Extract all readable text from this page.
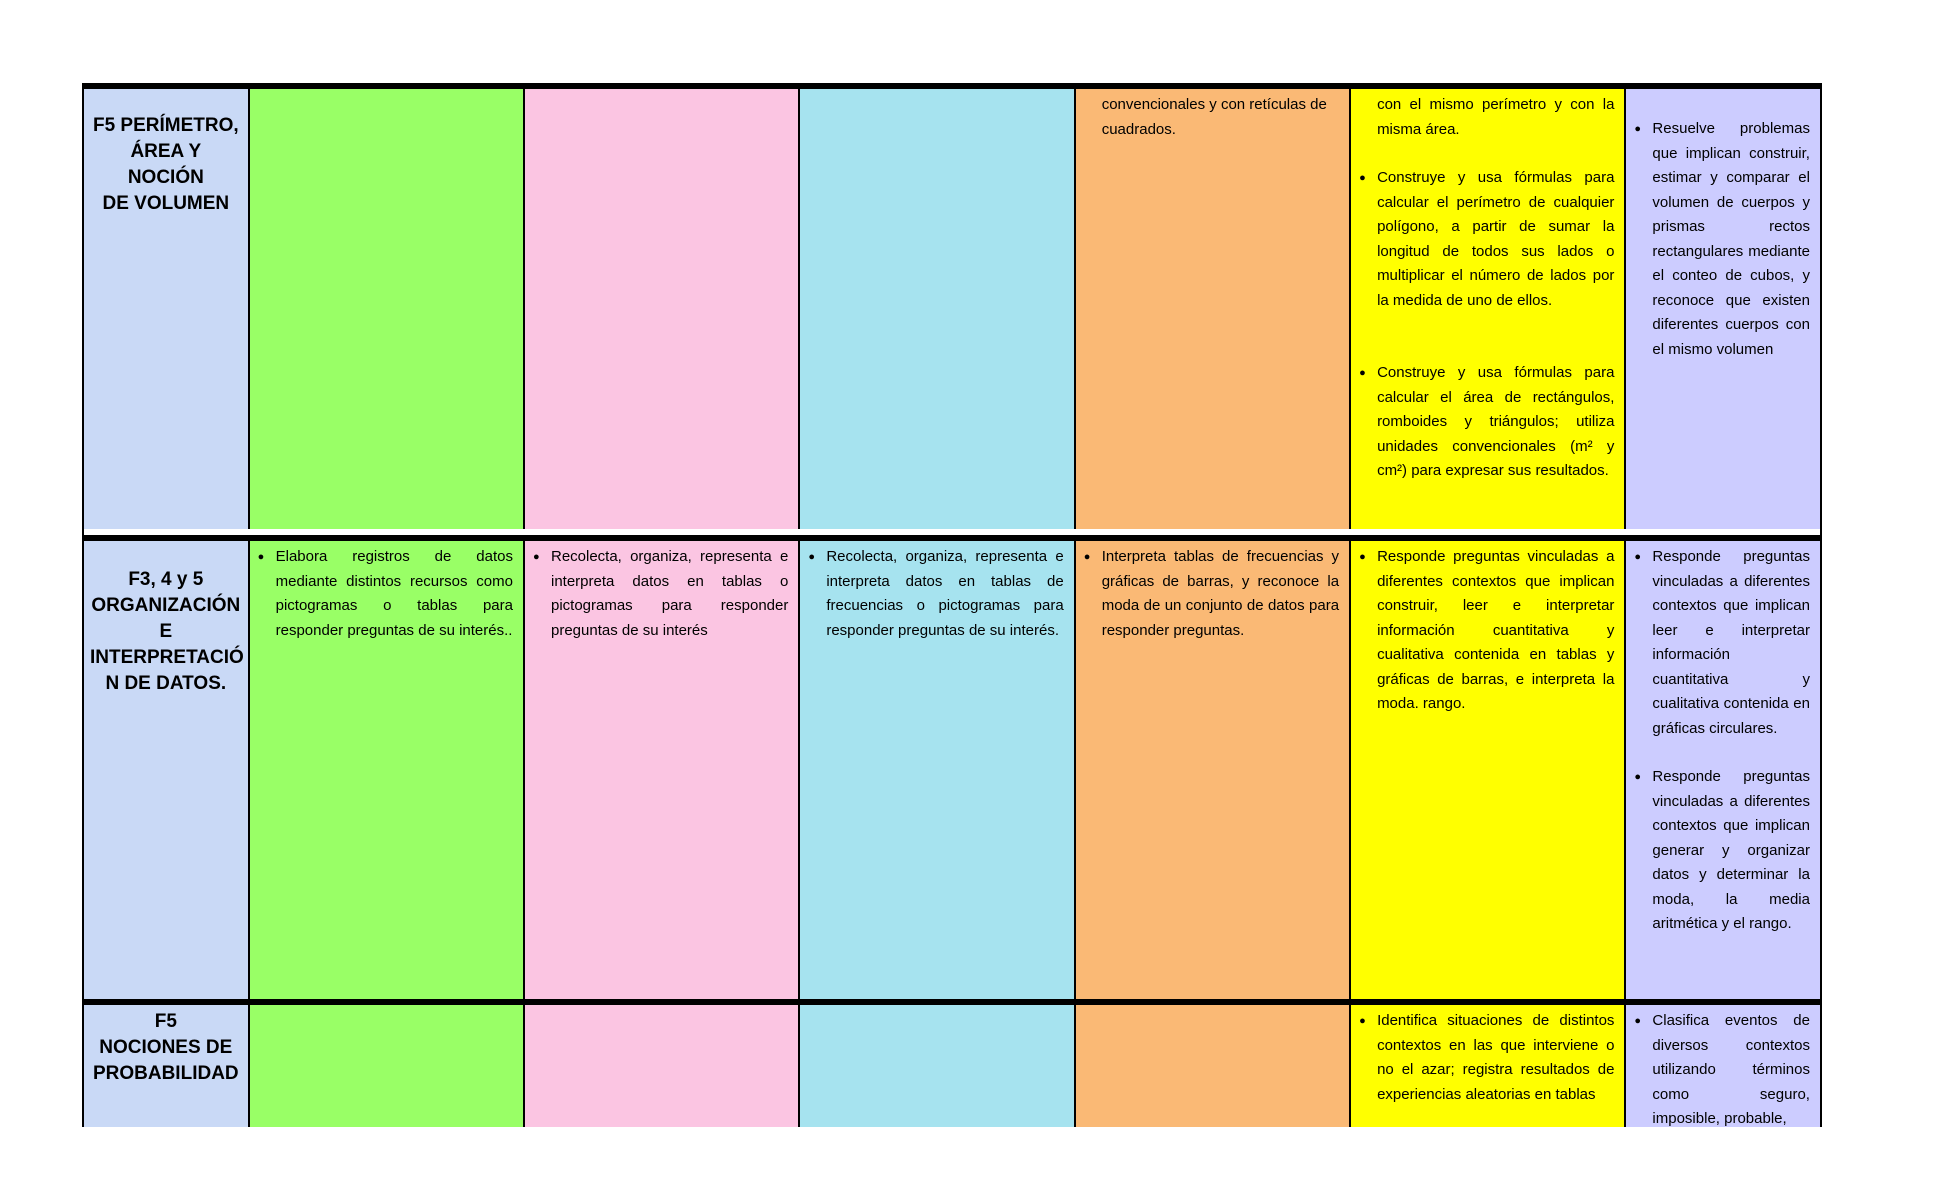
F5 PERÍMETRO,
ÁREA Y NOCIÓN
DE VOLUMEN

convencionales y con retículas de cuadrados.

con el mismo perímetro y con la misma área.

● Construye y usa fórmulas para calcular el perímetro de cualquier polígono, a partir de sumar la longitud de todos sus lados o multiplicar el número de lados por la medida de uno de ellos.
● Construye y usa fórmulas para calcular el área de rectángulos, romboides y triángulos; utiliza unidades convencionales (m² y cm²) para expresar sus resultados.
● Resuelve problemas que implican construir, estimar y comparar el volumen de cuerpos y prismas rectos rectangulares mediante el conteo de cubos, y reconoce que existen diferentes cuerpos con el mismo volumen

F3, 4 y 5
ORGANIZACIÓN
E
INTERPRETACIÓ
N DE DATOS.

● Elabora registros de datos mediante distintos recursos como pictogramas o tablas para responder preguntas de su interés..
● Recolecta, organiza, representa e interpreta datos en tablas o pictogramas para responder preguntas de su interés
● Recolecta, organiza, representa e interpreta datos en tablas de frecuencias o pictogramas para responder preguntas de su interés.
● Interpreta tablas de frecuencias y gráficas de barras, y reconoce la moda de un conjunto de datos para responder preguntas.
● Responde preguntas vinculadas a diferentes contextos que implican construir, leer e interpretar información cuantitativa y cualitativa contenida en tablas y gráficas de barras, e interpreta la moda. rango.
● Responde preguntas vinculadas a diferentes contextos que implican leer e interpretar información cuantitativa y cualitativa contenida en gráficas circulares.
● Responde preguntas vinculadas a diferentes contextos que implican generar y organizar datos y determinar la moda, la media aritmética y el rango.

F5
NOCIONES DE
PROBABILIDAD

● Identifica situaciones de distintos contextos en las que interviene o no el azar; registra resultados de experiencias aleatorias en tablas
● Clasifica eventos de diversos contextos utilizando términos como seguro, imposible, probable,
